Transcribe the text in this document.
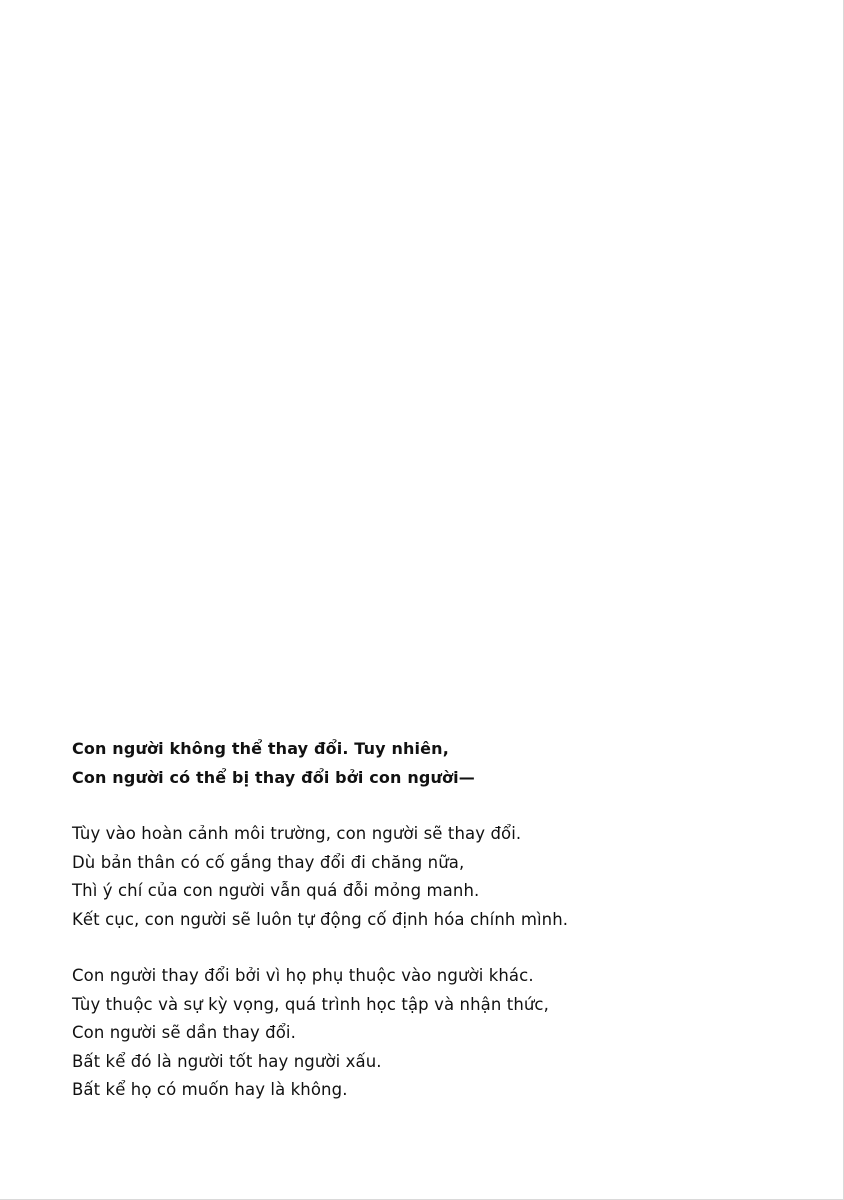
Con người không thể thay đổi. Tuy nhiên,
Con người có thể bị thay đổi bởi con người—
Tùy vào hoàn cảnh môi trường, con người sẽ thay đổi.
Dù bản thân có cố gắng thay đổi đi chăng nữa,
Thì ý chí của con người vẫn quá đỗi mỏng manh.
Kết cục, con người sẽ luôn tự động cố định hóa chính mình.
Con người thay đổi bởi vì họ phụ thuộc vào người khác.
Tùy thuộc và sự kỳ vọng, quá trình học tập và nhận thức,
Con người sẽ dần thay đổi.
Bất kể đó là người tốt hay người xấu.
Bất kể họ có muốn hay là không.
